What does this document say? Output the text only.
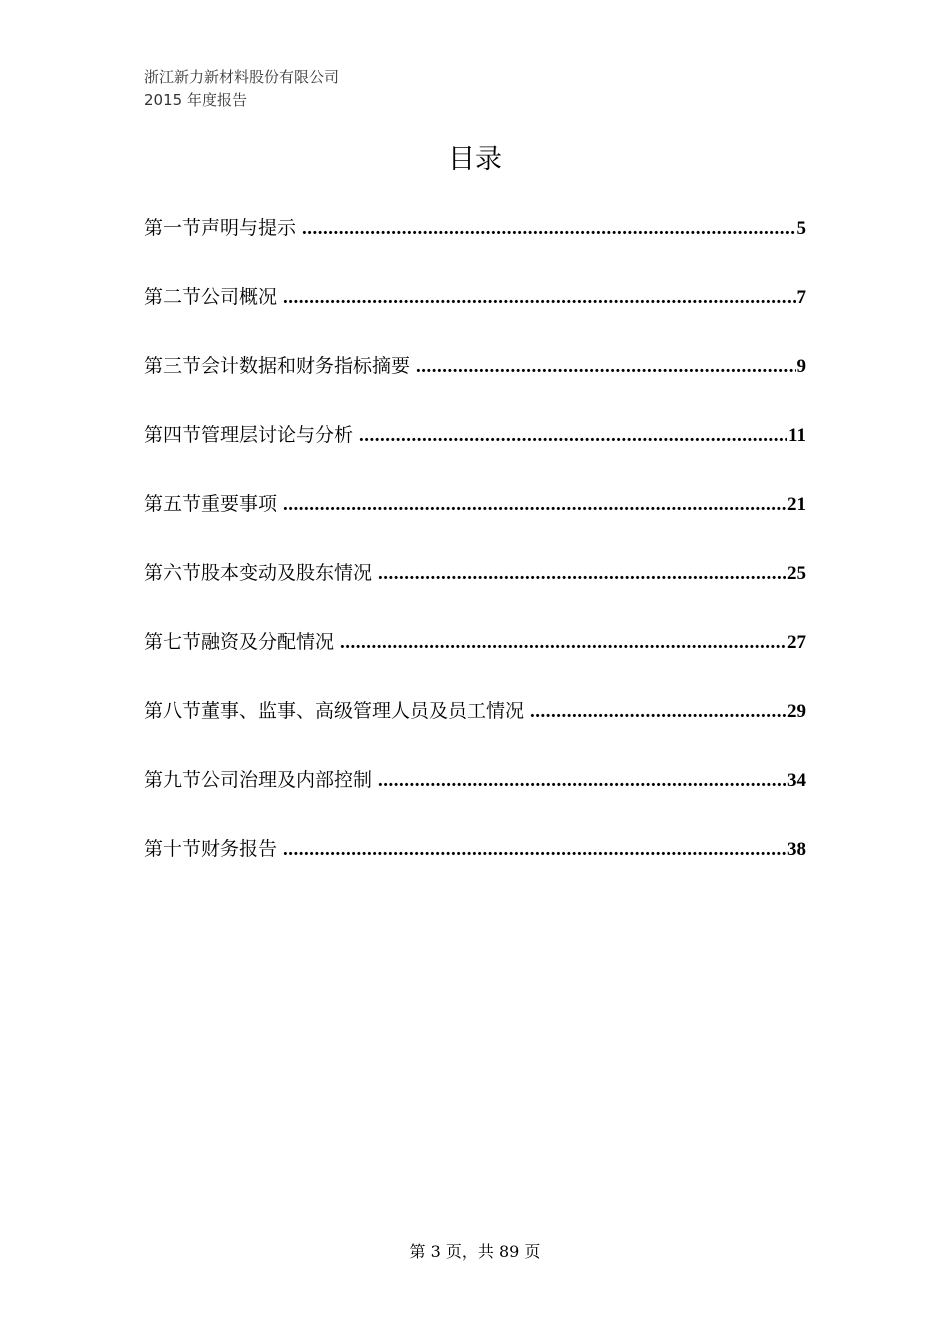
浙江新力新材料股份有限公司
2015 年度报告
目录
第一节声明与提示 .....	5
第二节公司概况 .....	7
第三节会计数据和财务指标摘要 .....	9
第四节管理层讨论与分析 .....	11
第五节重要事项 .....	21
第六节股本变动及股东情况 .....	25
第七节融资及分配情况 .....	27
第八节董事、监事、高级管理人员及员工情况 .....	29
第九节公司治理及内部控制 .....	34
第十节财务报告 .....	38
第 3 页，共 89 页
